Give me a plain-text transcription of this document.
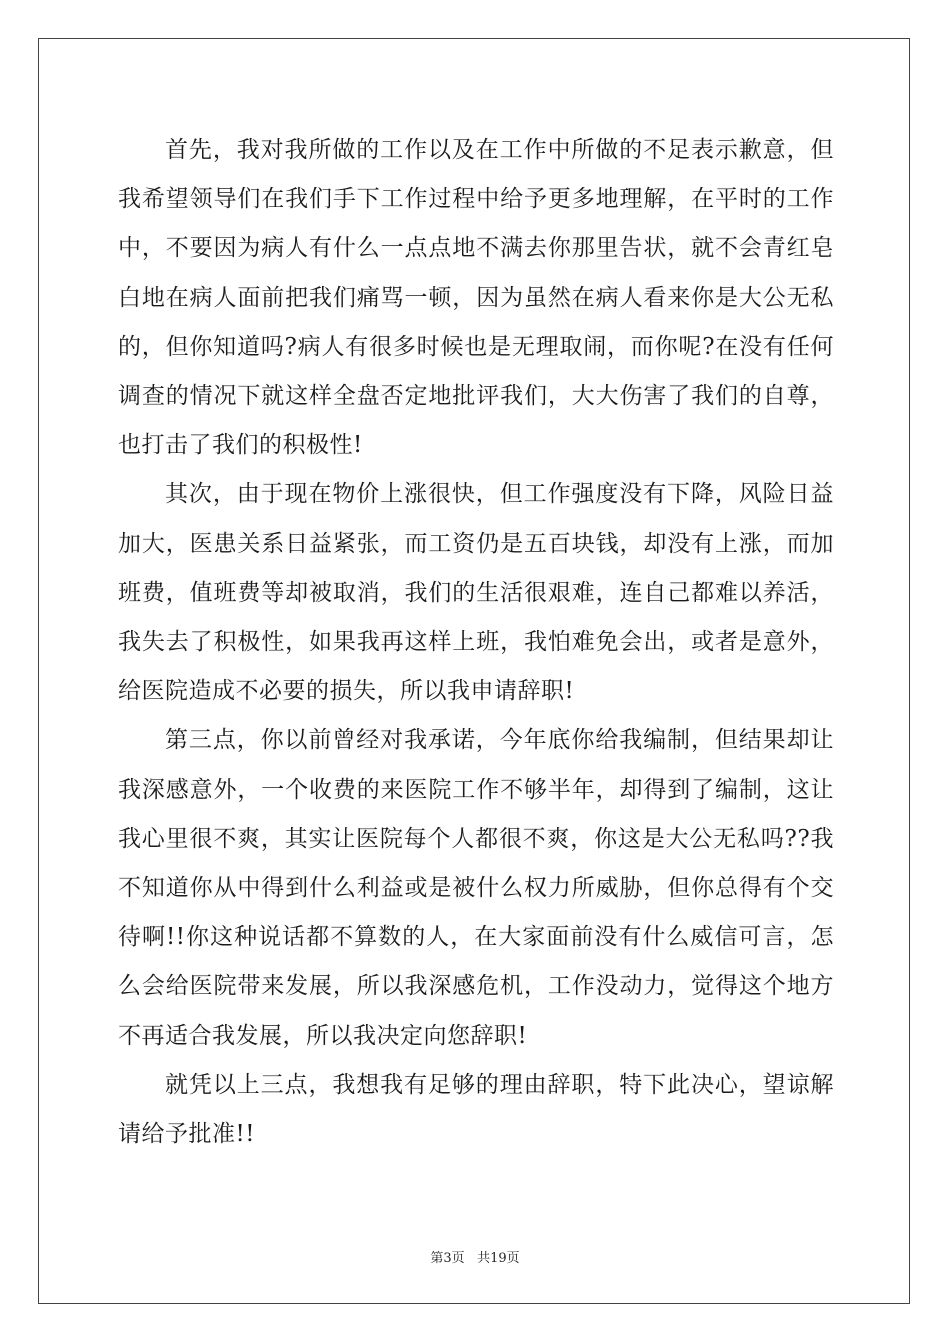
首先，我对我所做的工作以及在工作中所做的不足表示歉意，但我希望领导们在我们手下工作过程中给予更多地理解，在平时的工作中，不要因为病人有什么一点点地不满去你那里告状，就不会青红皂白地在病人面前把我们痛骂一顿，因为虽然在病人看来你是大公无私的，但你知道吗?病人有很多时候也是无理取闹，而你呢?在没有任何调查的情况下就这样全盘否定地批评我们，大大伤害了我们的自尊，也打击了我们的积极性!

其次，由于现在物价上涨很快，但工作强度没有下降，风险日益加大，医患关系日益紧张，而工资仍是五百块钱，却没有上涨，而加班费，值班费等却被取消，我们的生活很艰难，连自己都难以养活，我失去了积极性，如果我再这样上班，我怕难免会出，或者是意外，给医院造成不必要的损失，所以我申请辞职!

第三点，你以前曾经对我承诺，今年底你给我编制，但结果却让我深感意外，一个收费的来医院工作不够半年，却得到了编制，这让我心里很不爽，其实让医院每个人都很不爽，你这是大公无私吗??我不知道你从中得到什么利益或是被什么权力所威胁，但你总得有个交待啊!!你这种说话都不算数的人，在大家面前没有什么威信可言，怎么会给医院带来发展，所以我深感危机，工作没动力，觉得这个地方不再适合我发展，所以我决定向您辞职!

就凭以上三点，我想我有足够的理由辞职，特下此决心，望谅解请给予批准!!

第3页 共19页
